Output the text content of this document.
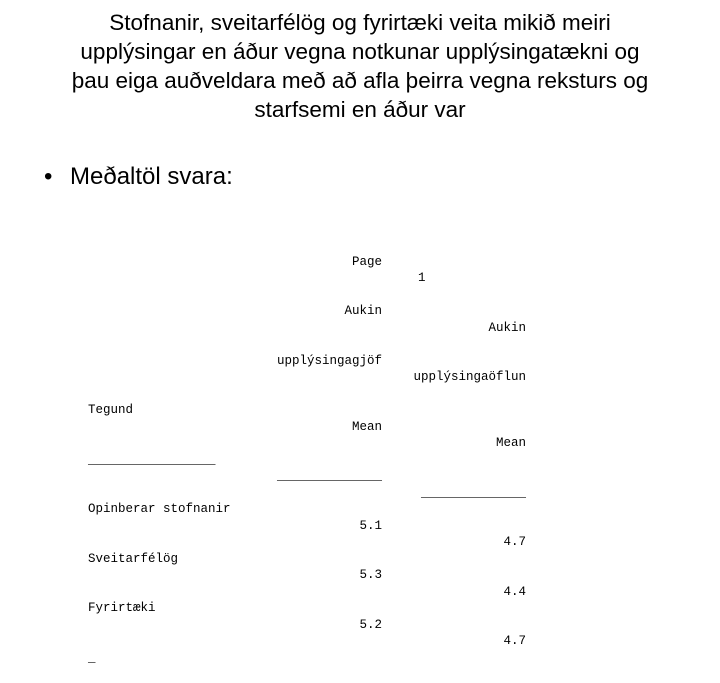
Stofnanir, sveitarfélög og fyrirtæki veita mikið meiri
upplýsingar en áður vegna notkunar upplýsingatækni og
þau eiga auðveldara með að afla þeirra vegna reksturs og
starfsemi en áður var
• Meðaltöl svara:

Page

1

Aukin

Aukin

upplýsingagjöf

upplýsingaöflun

Tegund

Mean

Mean

_________________

______________

______________

Opinberar stofnanir

5.1

4.7

Sveitarfélög

5.3

4.4

Fyrirtæki

5.2

4.7

_
